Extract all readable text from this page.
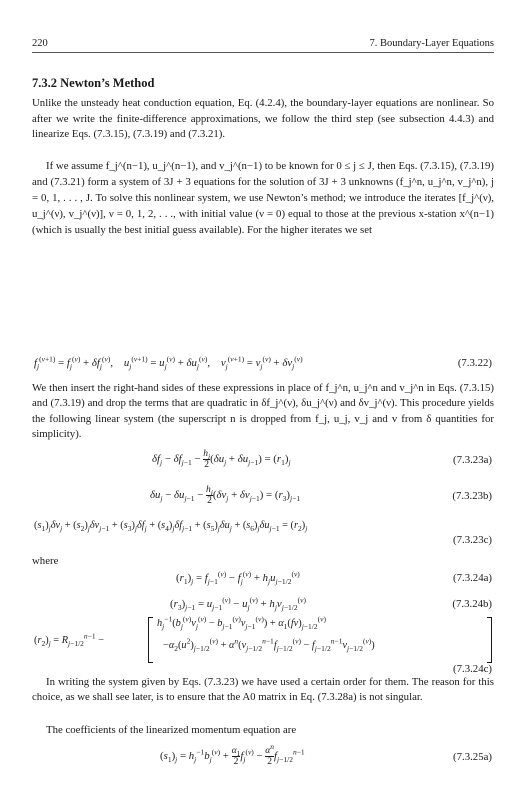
220	7. Boundary-Layer Equations
7.3.2 Newton’s Method
Unlike the unsteady heat conduction equation, Eq. (4.2.4), the boundary-layer equations are nonlinear. So after we write the finite-difference approximations, we follow the third step (see subsection 4.4.3) and linearize Eqs. (7.3.15), (7.3.19) and (7.3.21).
If we assume f_j^(n−1), u_j^(n−1), and v_j^(n−1) to be known for 0 ≤ j ≤ J, then Eqs. (7.3.15), (7.3.19) and (7.3.21) form a system of 3J + 3 equations for the solution of 3J + 3 unknowns (f_j^n, u_j^n, v_j^n), j = 0, 1, . . . , J. To solve this nonlinear system, we use Newton’s method; we introduce the iterates [f_j^(ν), u_j^(ν), v_j^(ν)], ν = 0, 1, 2, . . ., with initial value (ν = 0) equal to those at the previous x-station x^(n−1) (which is usually the best initial guess available). For the higher iterates we set
$f_j^{(\nu+1)} = f_j^{(\nu)} + \delta f_j^{(\nu)}$,    $u_j^{(\nu+1)} = u_j^{(\nu)} + \delta u_j^{(\nu)}$,    $v_j^{(\nu+1)} = v_j^{(\nu)} + \delta v_j^{(\nu)}$	(7.3.22)
We then insert the right-hand sides of these expressions in place of f_j^n, u_j^n and v_j^n in Eqs. (7.3.15) and (7.3.19) and drop the terms that are quadratic in δf_j^(ν), δu_j^(ν) and δv_j^(ν). This procedure yields the following linear system (the superscript n is dropped from f_j, u_j, v_j and v from δ quantities for simplicity).
$\delta f_j - \delta f_{j-1} - \frac{h_j}{2} (\delta u_j + \delta u_{j-1}) = (r_1)_j$	(7.3.23a)
$\delta u_j - \delta u_{j-1} - \frac{h_j}{2} (\delta v_j + \delta v_{j-1}) = (r_3)_{j-1}$	(7.3.23b)
$(s_1)_j\delta v_j + (s_2)_j\delta v_{j-1} + (s_3)_j\delta f_j + (s_4)_j\delta f_{j-1} + (s_5)_j\delta u_j + (s_6)_j\delta u_{j-1} = (r_2)_j$
(7.3.23c)
where
$(r_1)_j = f_{j-1}^{(\nu)} - f_j^{(\nu)} + h_ju_{j-1/2}^{(\nu)}$	(7.3.24a)
$(r_3)_{j-1} = u_{j-1}^{(\nu)} - u_j^{(\nu)} + h_jv_{j-1/2}^{(\nu)}$	(7.3.24b)
$(r_2)_j = R_{j-1/2}^{n-1}$ −
$h_j^{-1}(b_j^{(\nu)}v_j^{(\nu)} - b_{j-1}^{(\nu)}v_{j-1}^{(\nu)}) + \alpha_1(fv)_{j-1/2}^{(\nu)}$
$-\alpha_2(u^2)_{j-1/2}^{(\nu)} + \alpha^n(v_{j-1/2}^{n-1}f_{j-1/2}^{(\nu)} - f_{j-1/2}^{n-1}v_{j-1/2}^{(\nu)})$
(7.3.24c)
In writing the system given by Eqs. (7.3.23) we have used a certain order for them. The reason for this choice, as we shall see later, is to ensure that the A0 matrix in Eq. (7.3.28a) is not singular.
The coefficients of the linearized momentum equation are
$(s_1)_j = h_j^{-1}b_j^{(\nu)} + \alpha_1$

2
$f_j^{(\nu)} - \alpha^n$

2
$f_{j-1/2}^{n-1}$	(7.3.25a)
